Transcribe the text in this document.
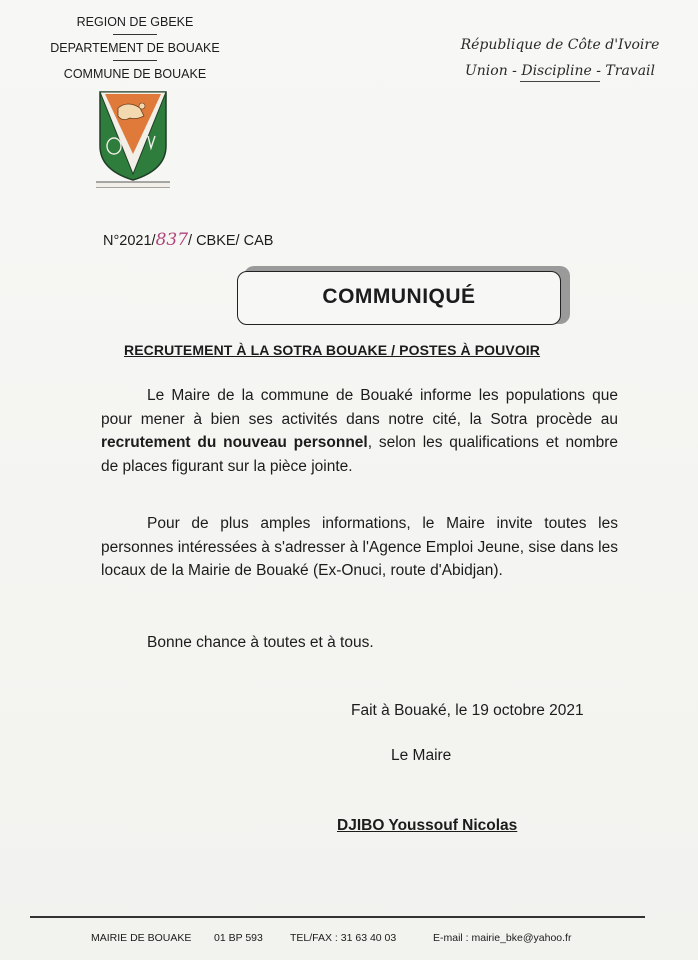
REGION DE GBEKE
DEPARTEMENT DE BOUAKE
COMMUNE DE BOUAKE
République de Côte d'Ivoire
Union - Discipline - Travail
N°2021/837/ CBKE/ CAB
COMMUNIQUÉ
RECRUTEMENT À LA SOTRA BOUAKE / POSTES À POUVOIR
Le Maire de la commune de Bouaké informe les populations que pour mener à bien ses activités dans notre cité, la Sotra procède au recrutement du nouveau personnel, selon les qualifications et nombre de places figurant sur la pièce jointe.
Pour de plus amples informations, le Maire invite toutes les personnes intéressées à s'adresser à l'Agence Emploi Jeune, sise dans les locaux de la Mairie de Bouaké (Ex-Onuci, route d'Abidjan).
Bonne chance à toutes et à tous.
Fait à Bouaké, le 19 octobre 2021
Le Maire
DJIBO Youssouf Nicolas
MAIRIE DE BOUAKE 01 BP 593	TEL/FAX : 31 63 40 03	E-mail : mairie_bke@yahoo.fr
